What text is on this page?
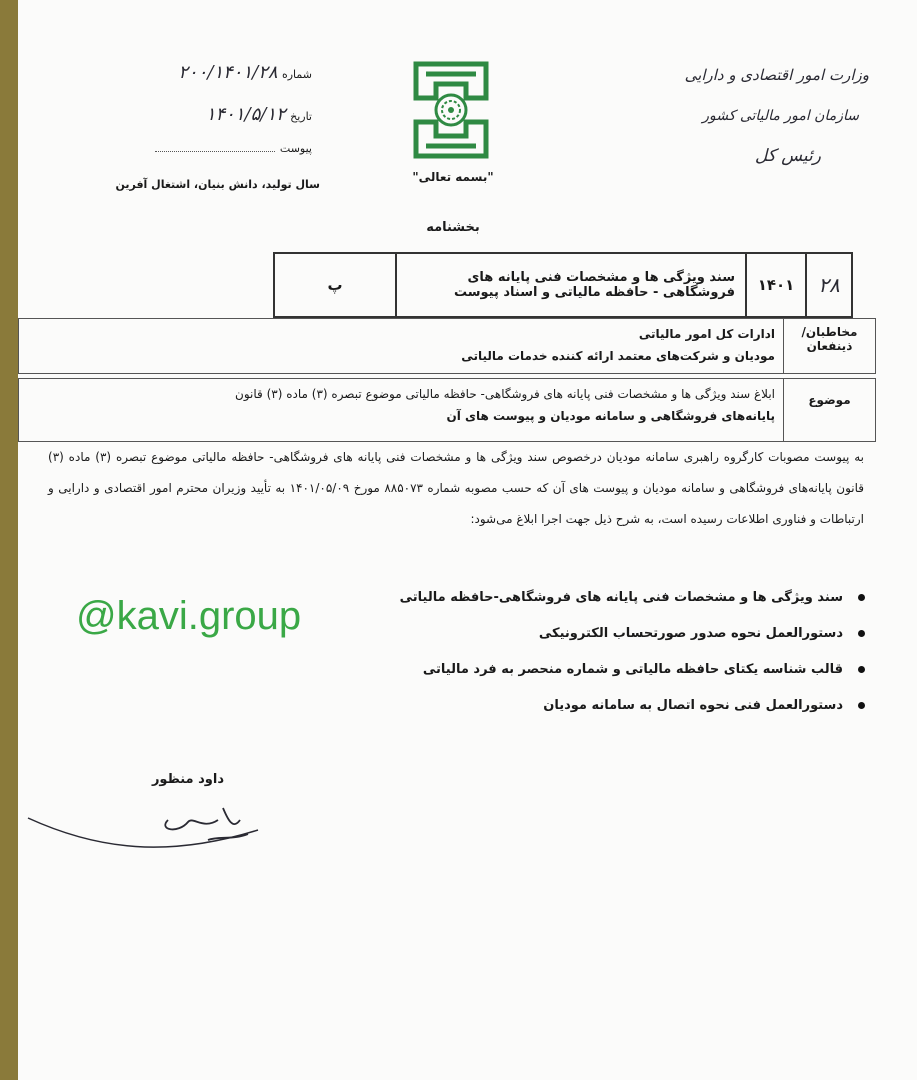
وزارت امور اقتصادی و دارایی
سازمان امور مالیاتی کشور
رئیس کل
"بسمه تعالی"
شماره ۲۰۰/۱۴۰۱/۲۸
تاریخ ۱۴۰۱/۵/۱۲
پیوست
سال تولید، دانش بنیان، اشتغال آفرین
بخشنامه
۲۸
۱۴۰۱
سند ویژگی ها و مشخصات فنی پایانه های فروشگاهی - حافظه مالیاتی و اسناد پیوست
پ
مخاطبان/ ذینفعان
ادارات کل امور مالیاتی
مودیان و شرکت‌های معتمد ارائه کننده خدمات مالیاتی
موضوع
ابلاغ سند ویژگی ها و مشخصات فنی پایانه های فروشگاهی- حافظه مالیاتی موضوع تبصره (۳) ماده (۳) قانون
پایانه‌های فروشگاهی و سامانه مودیان و پیوست های آن
به پیوست مصوبات کارگروه راهبری سامانه مودیان درخصوص سند ویژگی ها و مشخصات فنی پایانه های فروشگاهی- حافظه مالیاتی موضوع تبصره (۳) ماده (۳) قانون پایانه‌های فروشگاهی و سامانه مودیان و پیوست های آن که حسب مصوبه شماره ۸۸۵۰۷۳ مورخ ۱۴۰۱/۰۵/۰۹ به تأیید وزیران محترم امور اقتصادی و دارایی و ارتباطات و فناوری اطلاعات رسیده است، به شرح ذیل جهت اجرا ابلاغ می‌شود:
سند ویژگی ها و مشخصات فنی پایانه های فروشگاهی-حافظه مالیاتی
دستورالعمل نحوه صدور صورتحساب الکترونیکی
قالب شناسه یکتای حافظه مالیاتی و شماره منحصر به فرد مالیاتی
دستورالعمل فنی نحوه اتصال به سامانه مودیان
@kavi.group
داود منظور
